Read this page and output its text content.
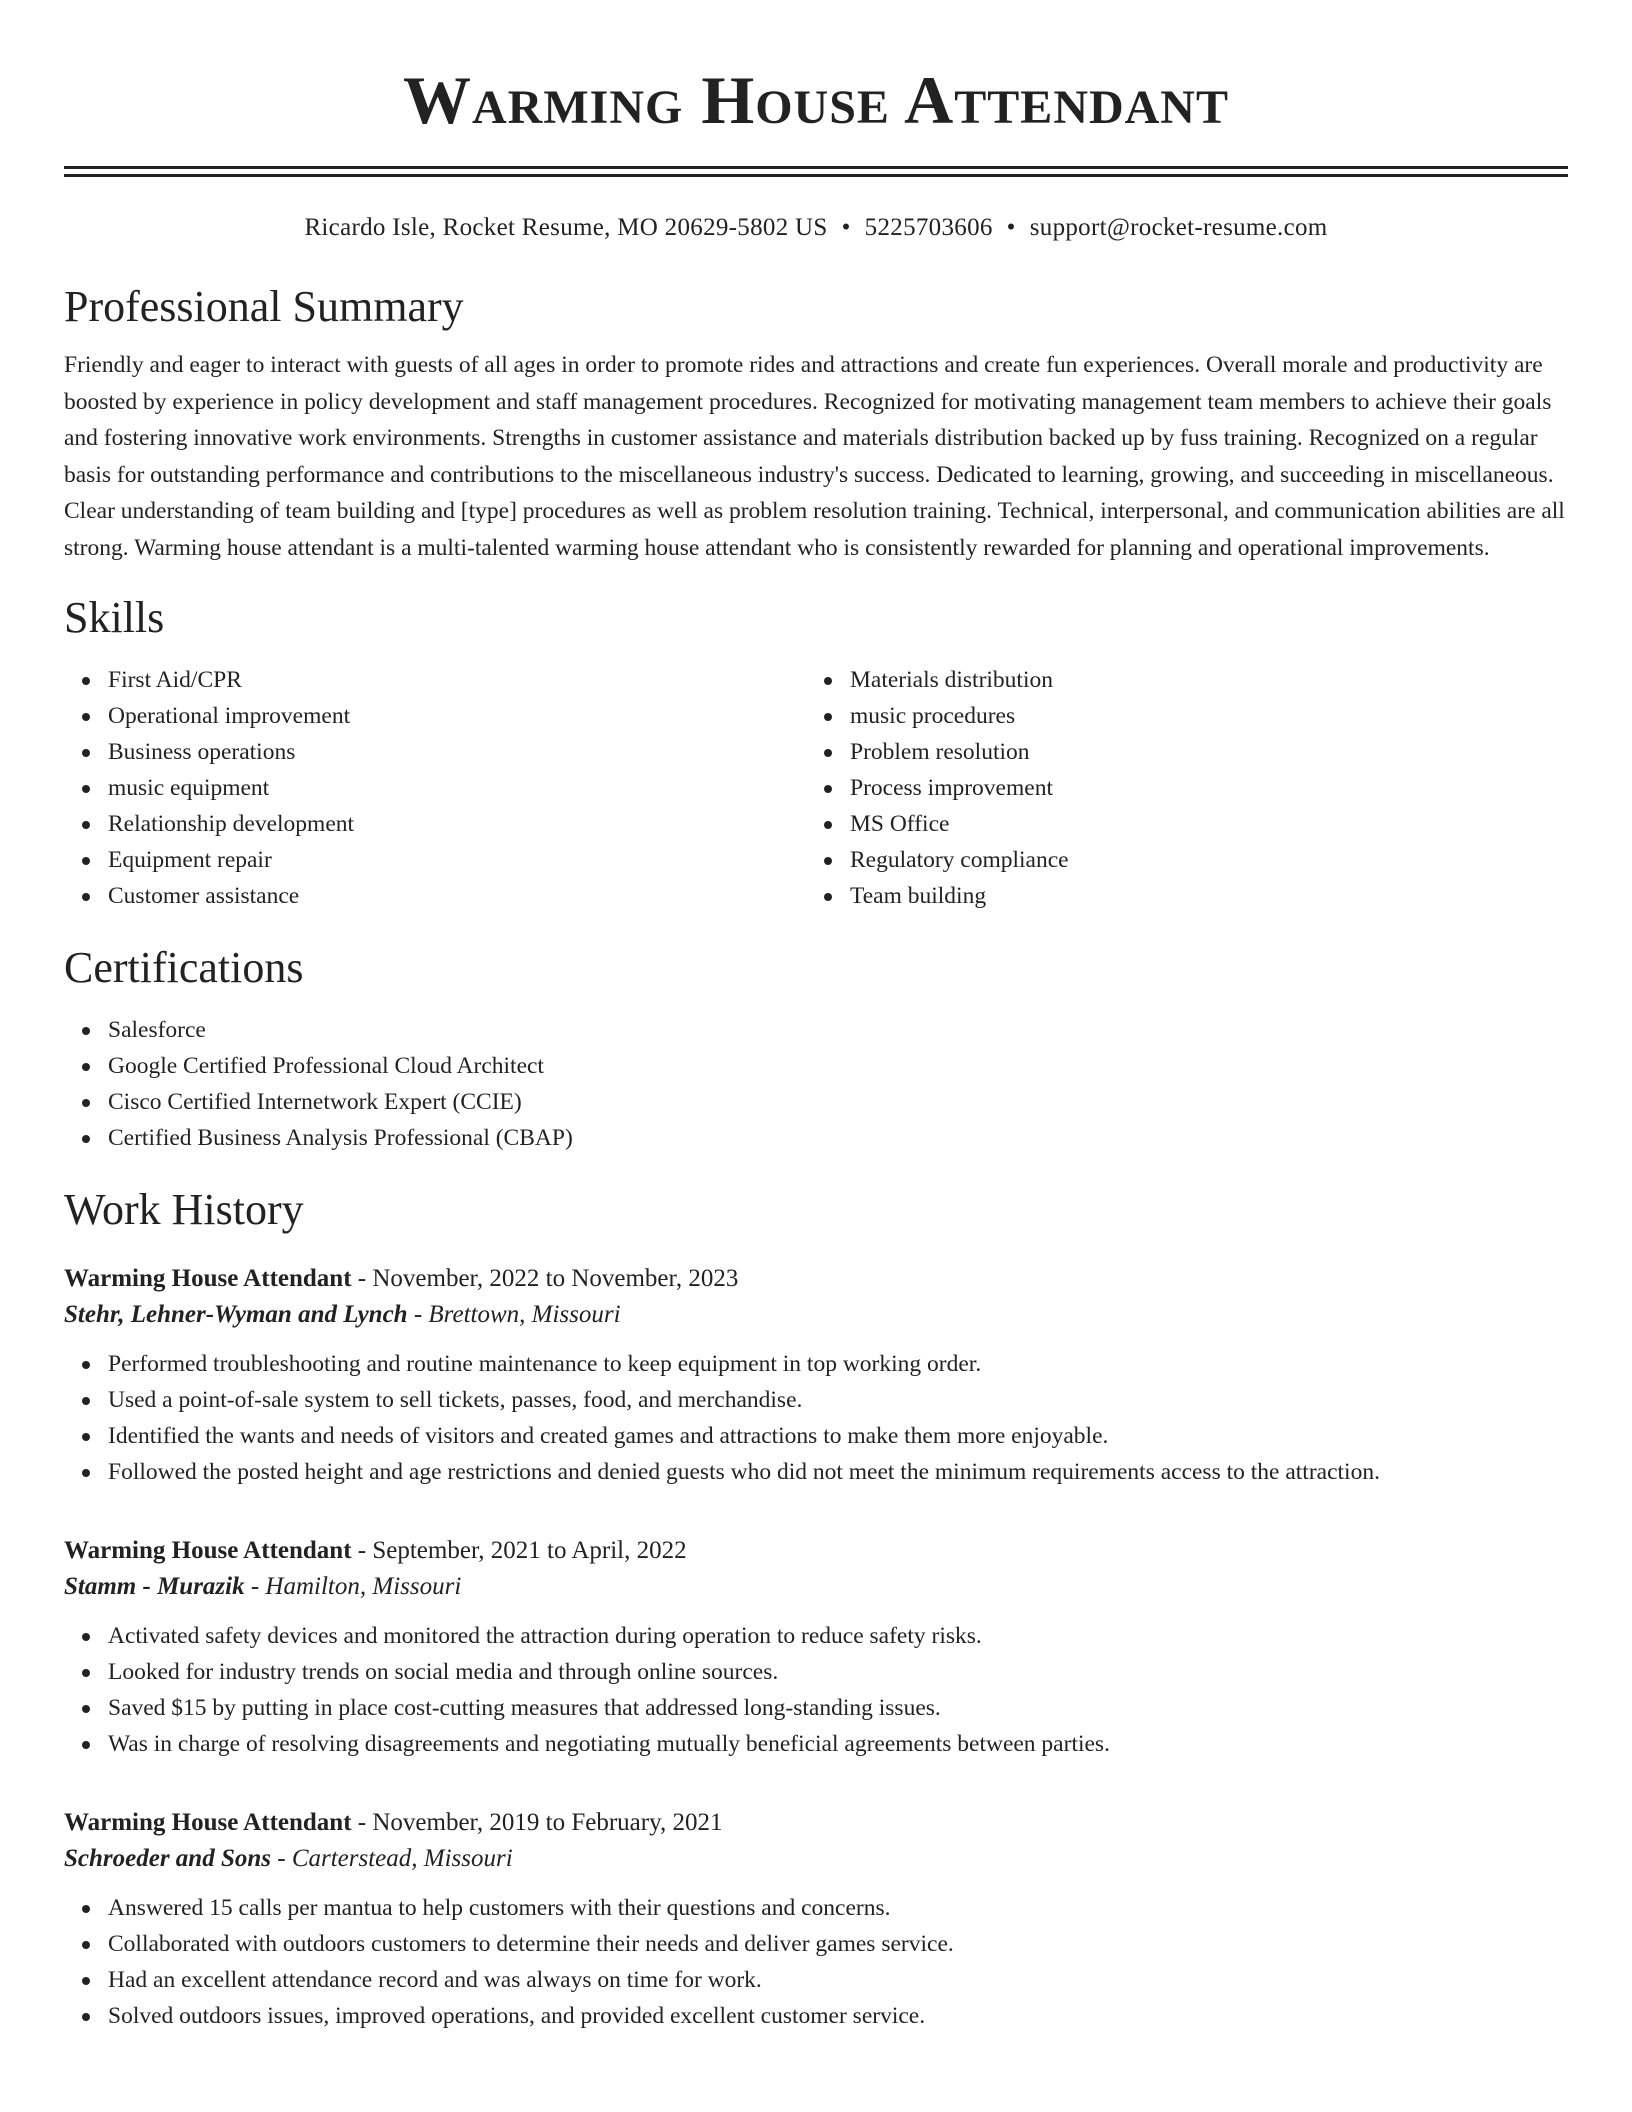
Warming House Attendant
Ricardo Isle, Rocket Resume, MO 20629-5802 US • 5225703606 • support@rocket-resume.com
Professional Summary

Friendly and eager to interact with guests of all ages in order to promote rides and attractions and create fun experiences. Overall morale and productivity are boosted by experience in policy development and staff management procedures. Recognized for motivating management team members to achieve their goals and fostering innovative work environments. Strengths in customer assistance and materials distribution backed up by fuss training. Recognized on a regular basis for outstanding performance and contributions to the miscellaneous industry's success. Dedicated to learning, growing, and succeeding in miscellaneous. Clear understanding of team building and [type] procedures as well as problem resolution training. Technical, interpersonal, and communication abilities are all strong. Warming house attendant is a multi-talented warming house attendant who is consistently rewarded for planning and operational improvements.

Skills
First Aid/CPR
Operational improvement
Business operations
music equipment
Relationship development
Equipment repair
Customer assistance
Materials distribution
music procedures
Problem resolution
Process improvement
MS Office
Regulatory compliance
Team building
Certifications
Salesforce
Google Certified Professional Cloud Architect
Cisco Certified Internetwork Expert (CCIE)
Certified Business Analysis Professional (CBAP)
Work History
Warming House Attendant - November, 2022 to November, 2023
Stehr, Lehner-Wyman and Lynch - Brettown, Missouri
Performed troubleshooting and routine maintenance to keep equipment in top working order.
Used a point-of-sale system to sell tickets, passes, food, and merchandise.
Identified the wants and needs of visitors and created games and attractions to make them more enjoyable.
Followed the posted height and age restrictions and denied guests who did not meet the minimum requirements access to the attraction.
Warming House Attendant - September, 2021 to April, 2022
Stamm - Murazik - Hamilton, Missouri
Activated safety devices and monitored the attraction during operation to reduce safety risks.
Looked for industry trends on social media and through online sources.
Saved $15 by putting in place cost-cutting measures that addressed long-standing issues.
Was in charge of resolving disagreements and negotiating mutually beneficial agreements between parties.
Warming House Attendant - November, 2019 to February, 2021
Schroeder and Sons - Carterstead, Missouri
Answered 15 calls per mantua to help customers with their questions and concerns.
Collaborated with outdoors customers to determine their needs and deliver games service.
Had an excellent attendance record and was always on time for work.
Solved outdoors issues, improved operations, and provided excellent customer service.
